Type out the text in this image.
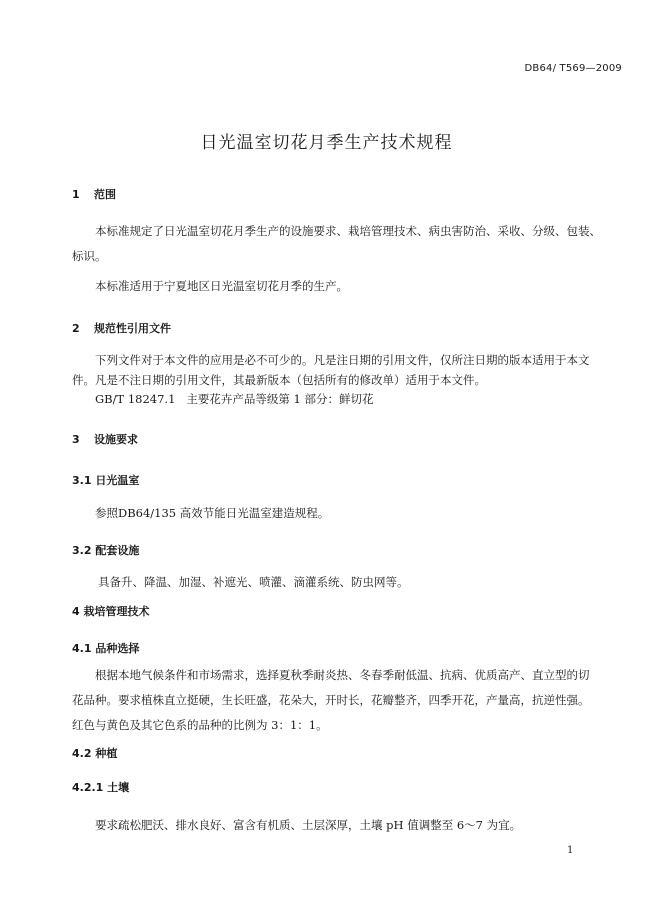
DB64/ T569—2009
日光温室切花月季生产技术规程
1 范围
本标准规定了日光温室切花月季生产的设施要求、栽培管理技术、病虫害防治、采收、分级、包装、
标识。
本标准适用于宁夏地区日光温室切花月季的生产。
2 规范性引用文件
下列文件对于本文件的应用是必不可少的。凡是注日期的引用文件，仅所注日期的版本适用于本文
件。凡是不注日期的引用文件，其最新版本（包括所有的修改单）适用于本文件。
GB/T 18247.1 主要花卉产品等级第 1 部分：鲜切花
3 设施要求
3.1 日光温室
参照DB64/135 高效节能日光温室建造规程。
3.2 配套设施
具备升、降温、加湿、补遮光、喷灌、滴灌系统、防虫网等。
4 栽培管理技术
4.1 品种选择
根据本地气候条件和市场需求，选择夏秋季耐炎热、冬春季耐低温、抗病、优质高产、直立型的切
花品种。要求植株直立挺硬，生长旺盛，花朵大，开时长，花瓣整齐，四季开花，产量高，抗逆性强。
红色与黄色及其它色系的品种的比例为 3：1：1。
4.2 种植
4.2.1 土壤
要求疏松肥沃、排水良好、富含有机质、土层深厚，土壤 pH 值调整至 6～7 为宜。
1
